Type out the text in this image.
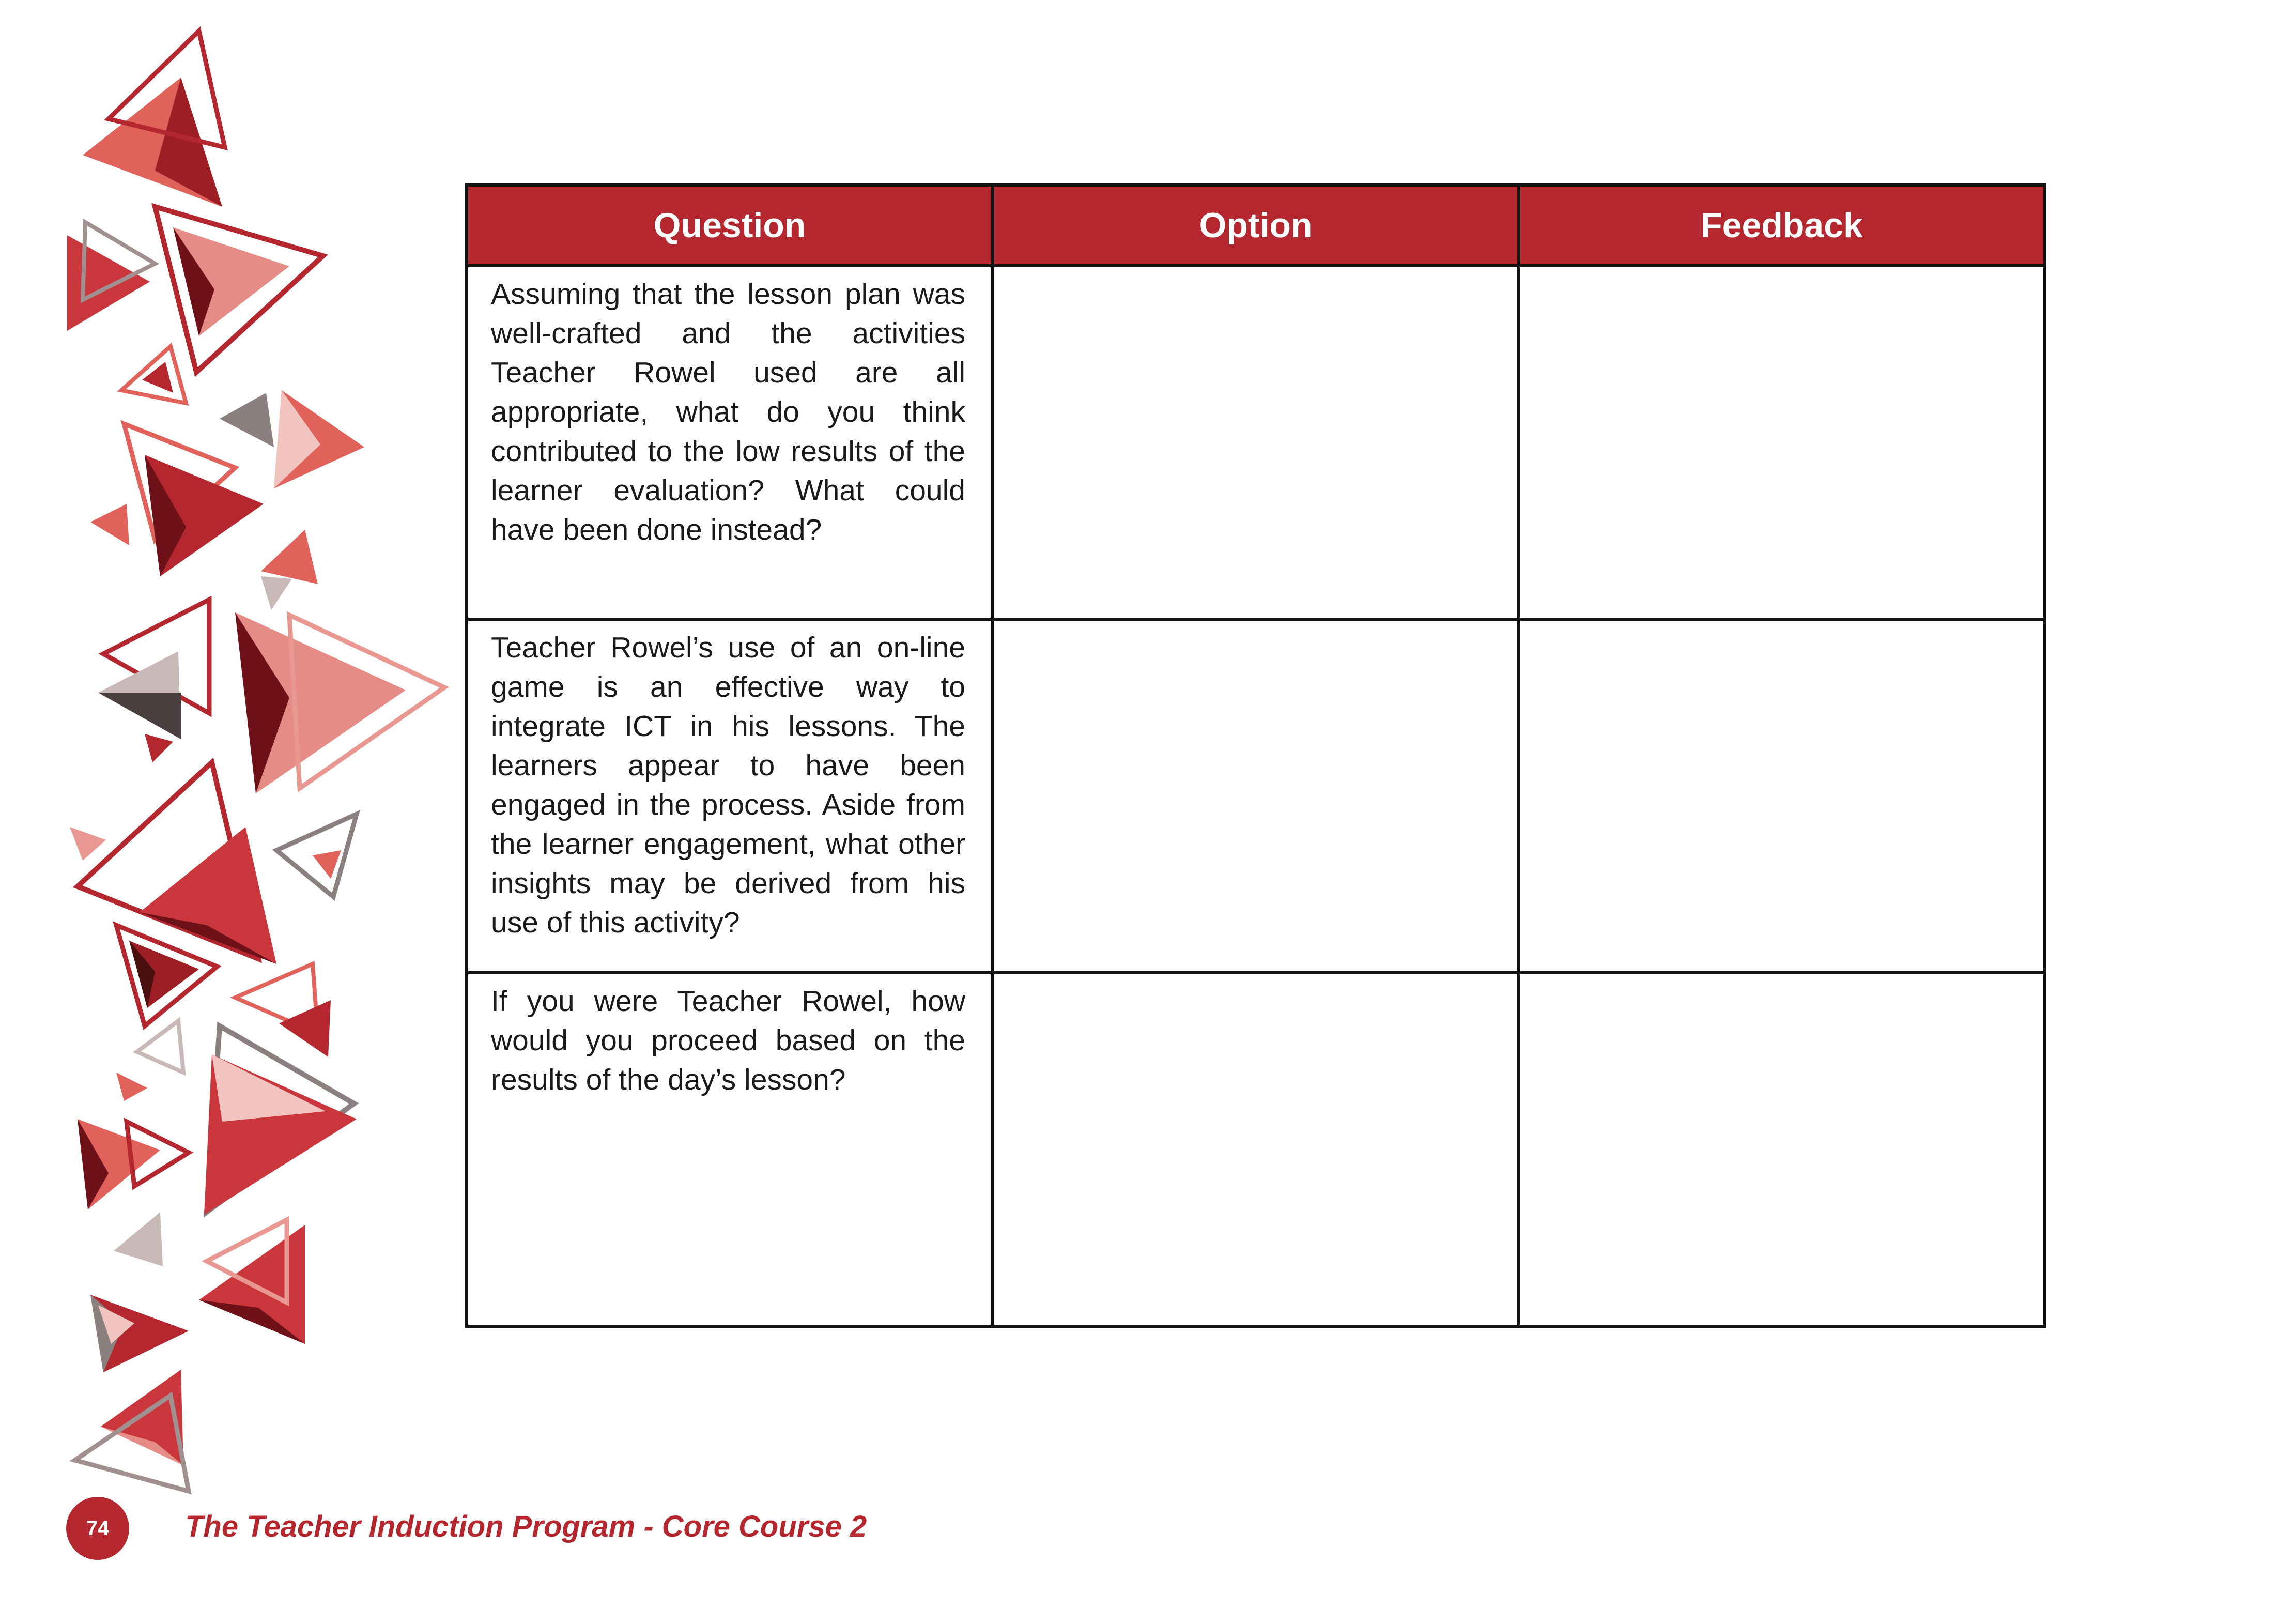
Question	Option	Feedback
Assuming that the lesson plan was well-crafted and the activities Teacher Rowel used are all appropriate, what do you think contributed to the low results of the learner evaluation? What could have been done instead?		
Teacher Rowel’s use of an on-line game is an effective way to integrate ICT in his lessons. The learners appear to have been engaged in the process. Aside from the learner engagement, what other insights may be derived from his use of this activity?		
If you were Teacher Rowel, how would you proceed based on the results of the day’s lesson?		
74	The Teacher Induction Program - Core Course 2
